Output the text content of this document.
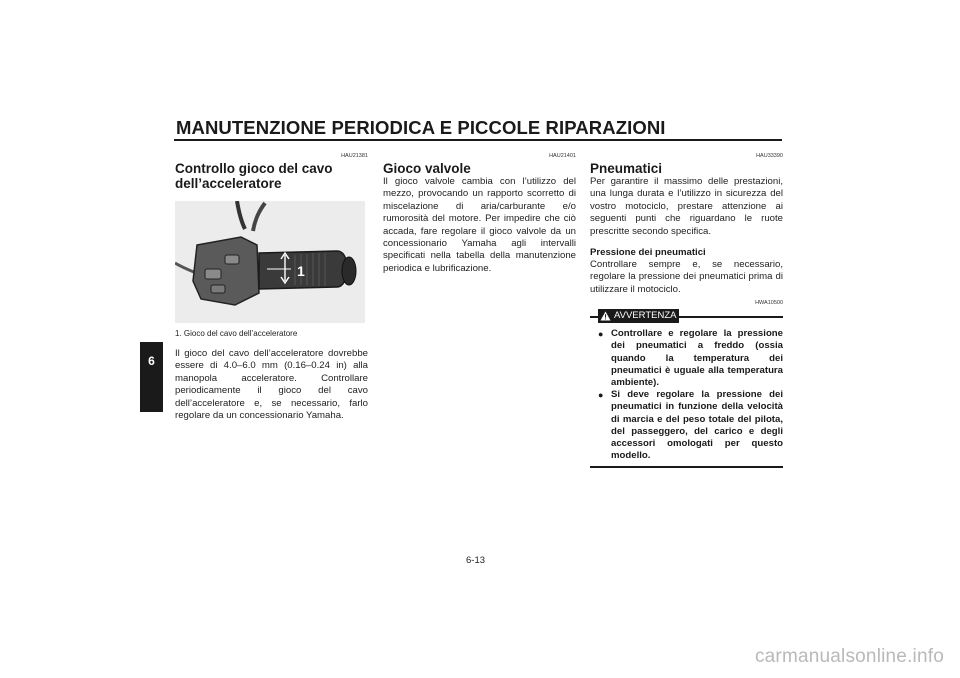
MANUTENZIONE PERIODICA E PICCOLE RIPARAZIONI
6
HAU21381
Controllo gioco del cavo dell’acceleratore
1
1. Gioco del cavo dell’acceleratore

Il gioco del cavo dell’acceleratore dovrebbe essere di 4.0–6.0 mm (0.16–0.24 in) alla manopola acceleratore. Controllare periodicamente il gioco del cavo dell’acceleratore e, se necessario, farlo regolare da un concessionario Yamaha.

HAU21401
Gioco valvole

Il gioco valvole cambia con l’utilizzo del mezzo, provocando un rapporto scorretto di miscelazione di aria/carburante e/o rumorosità del motore. Per impedire che ciò accada, fare regolare il gioco valvole da un concessionario Yamaha agli intervalli specificati nella tabella della manutenzione periodica e lubrificazione.

HAU33390
Pneumatici

Per garantire il massimo delle prestazioni, una lunga durata e l’utilizzo in sicurezza del vostro motociclo, prestare attenzione ai seguenti punti che riguardano le ruote prescritte secondo specifica.

Pressione dei pneumatici

Controllare sempre e, se necessario, regolare la pressione dei pneumatici prima di utilizzare il motociclo.

HWA10500
AVVERTENZA
● Controllare e regolare la pressione dei pneumatici a freddo (ossia quando la temperatura dei pneumatici è uguale alla temperatura ambiente).
● Si deve regolare la pressione dei pneumatici in funzione della velocità di marcia e del peso totale del pilota, del passeggero, del carico e degli accessori omologati per questo modello.
6-13
carmanualsonline.info
